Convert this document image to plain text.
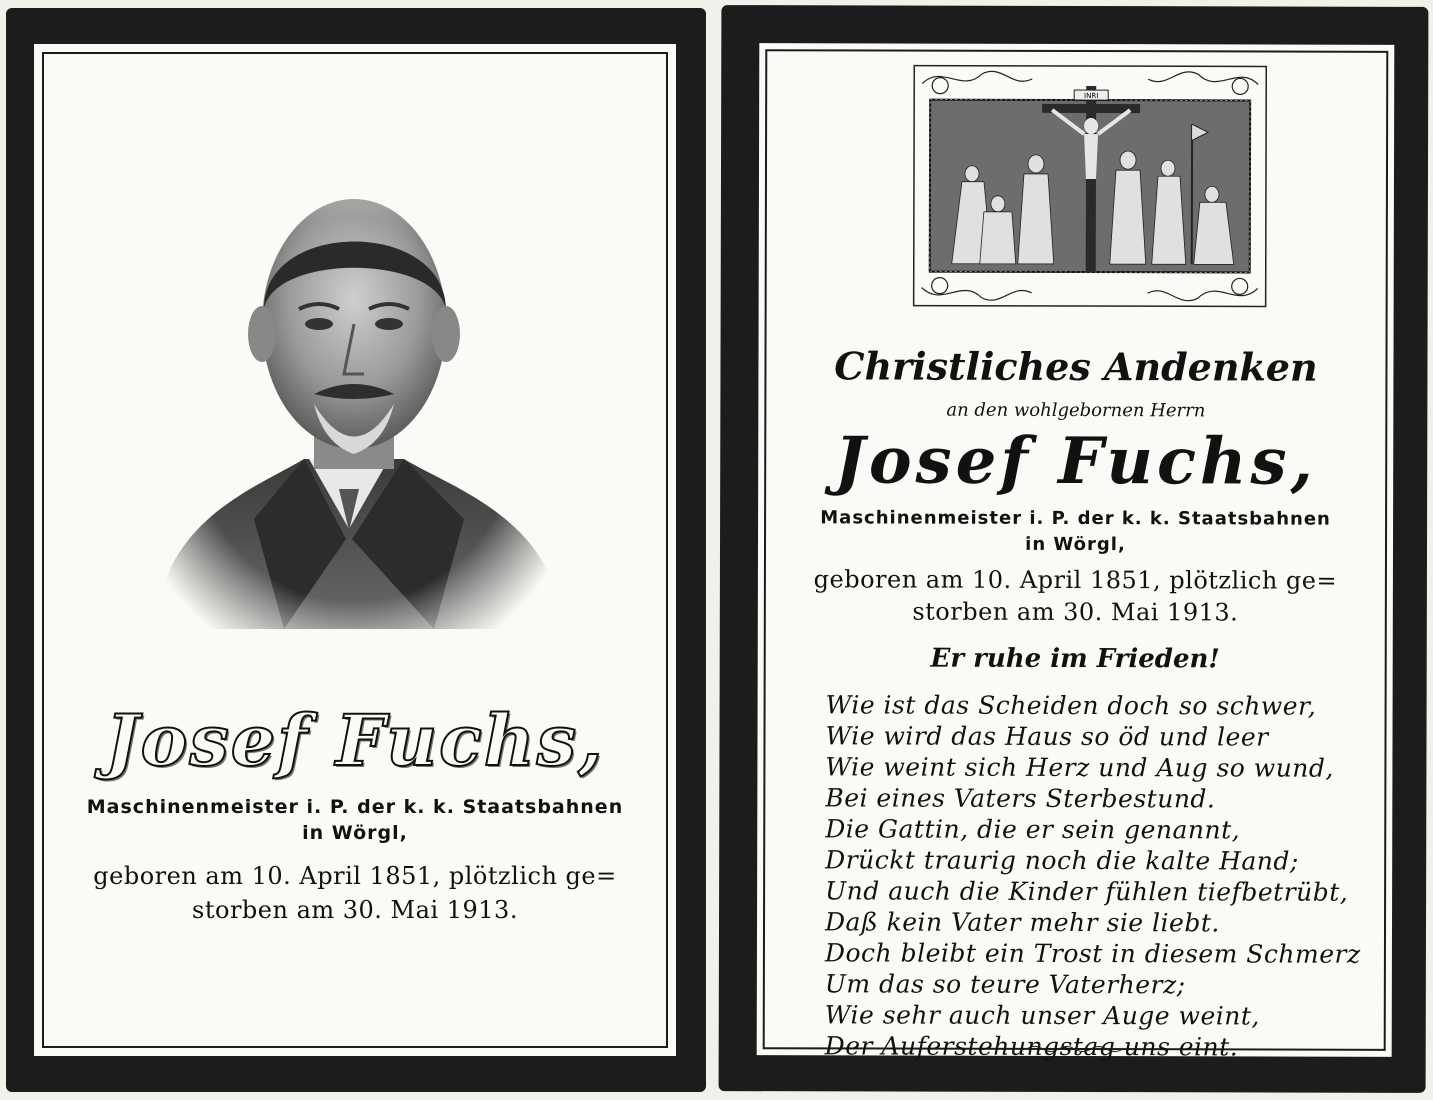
Josef Fuchs,
Maschinenmeister i. P. der k. k. Staatsbahnen
in Wörgl,
geboren am 10. April 1851, plötzlich ge=
storben am 30. Mai 1913.
INRI
Christliches Andenken
an den wohlgebornen Herrn
Josef Fuchs,
Maschinenmeister i. P. der k. k. Staatsbahnen
in Wörgl,
geboren am 10. April 1851, plötzlich ge=
storben am 30. Mai 1913.
Er ruhe im Frieden!
Wie ist das Scheiden doch so schwer,
Wie wird das Haus so öd und leer
Wie weint sich Herz und Aug so wund,
Bei eines Vaters Sterbestund.
Die Gattin, die er sein genannt,
Drückt traurig noch die kalte Hand;
Und auch die Kinder fühlen tiefbetrübt,
Daß kein Vater mehr sie liebt.
Doch bleibt ein Trost in diesem Schmerz
Um das so teure Vaterherz;
Wie sehr auch unser Auge weint,
Der Auferstehungstag uns eint.
